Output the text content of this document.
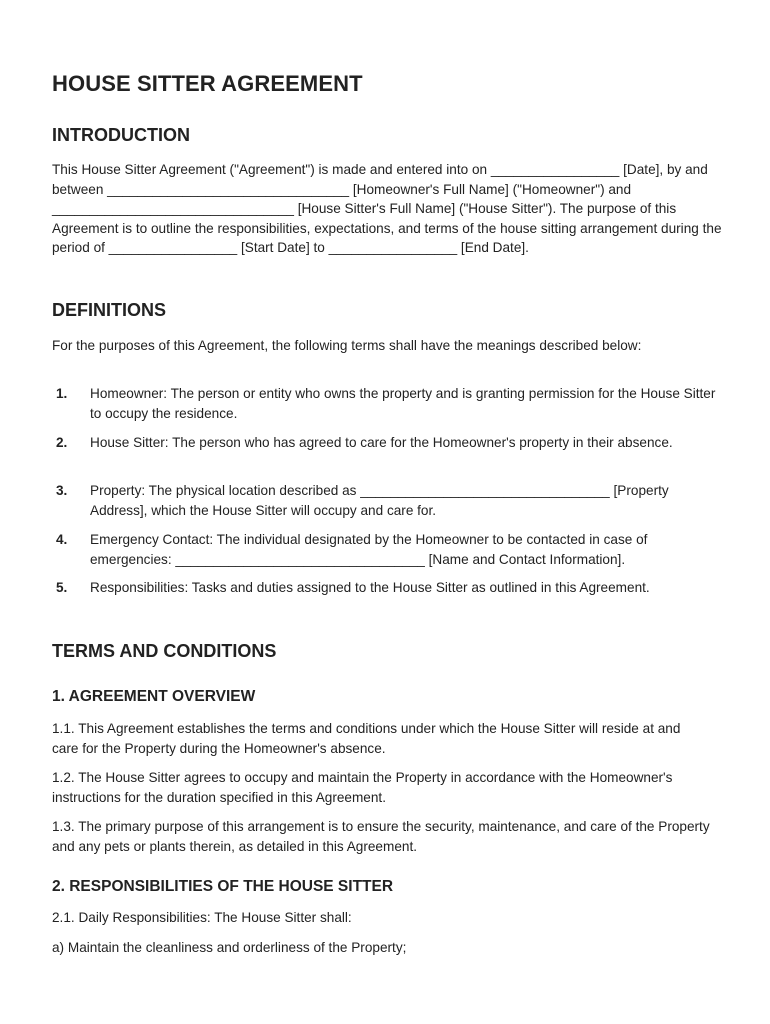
HOUSE SITTER AGREEMENT
INTRODUCTION

This House Sitter Agreement ("Agreement") is made and entered into on _________________ [Date], by and between ________________________________ [Homeowner's Full Name] ("Homeowner") and ________________________________ [House Sitter's Full Name] ("House Sitter"). The purpose of this Agreement is to outline the responsibilities, expectations, and terms of the house sitting arrangement during the period of _________________ [Start Date] to _________________ [End Date].

DEFINITIONS

For the purposes of this Agreement, the following terms shall have the meanings described below:

1. Homeowner: The person or entity who owns the property and is granting permission for the House Sitter to occupy the residence.
2. House Sitter: The person who has agreed to care for the Homeowner's property in their absence.
3. Property: The physical location described as _________________________________ [Property Address], which the House Sitter will occupy and care for.
4. Emergency Contact: The individual designated by the Homeowner to be contacted in case of emergencies: _________________________________ [Name and Contact Information].
5. Responsibilities: Tasks and duties assigned to the House Sitter as outlined in this Agreement.
TERMS AND CONDITIONS
1. AGREEMENT OVERVIEW

1.1. This Agreement establishes the terms and conditions under which the House Sitter will reside at and care for the Property during the Homeowner's absence.

1.2. The House Sitter agrees to occupy and maintain the Property in accordance with the Homeowner's instructions for the duration specified in this Agreement.

1.3. The primary purpose of this arrangement is to ensure the security, maintenance, and care of the Property and any pets or plants therein, as detailed in this Agreement.

2. RESPONSIBILITIES OF THE HOUSE SITTER

2.1. Daily Responsibilities: The House Sitter shall:

a) Maintain the cleanliness and orderliness of the Property;
